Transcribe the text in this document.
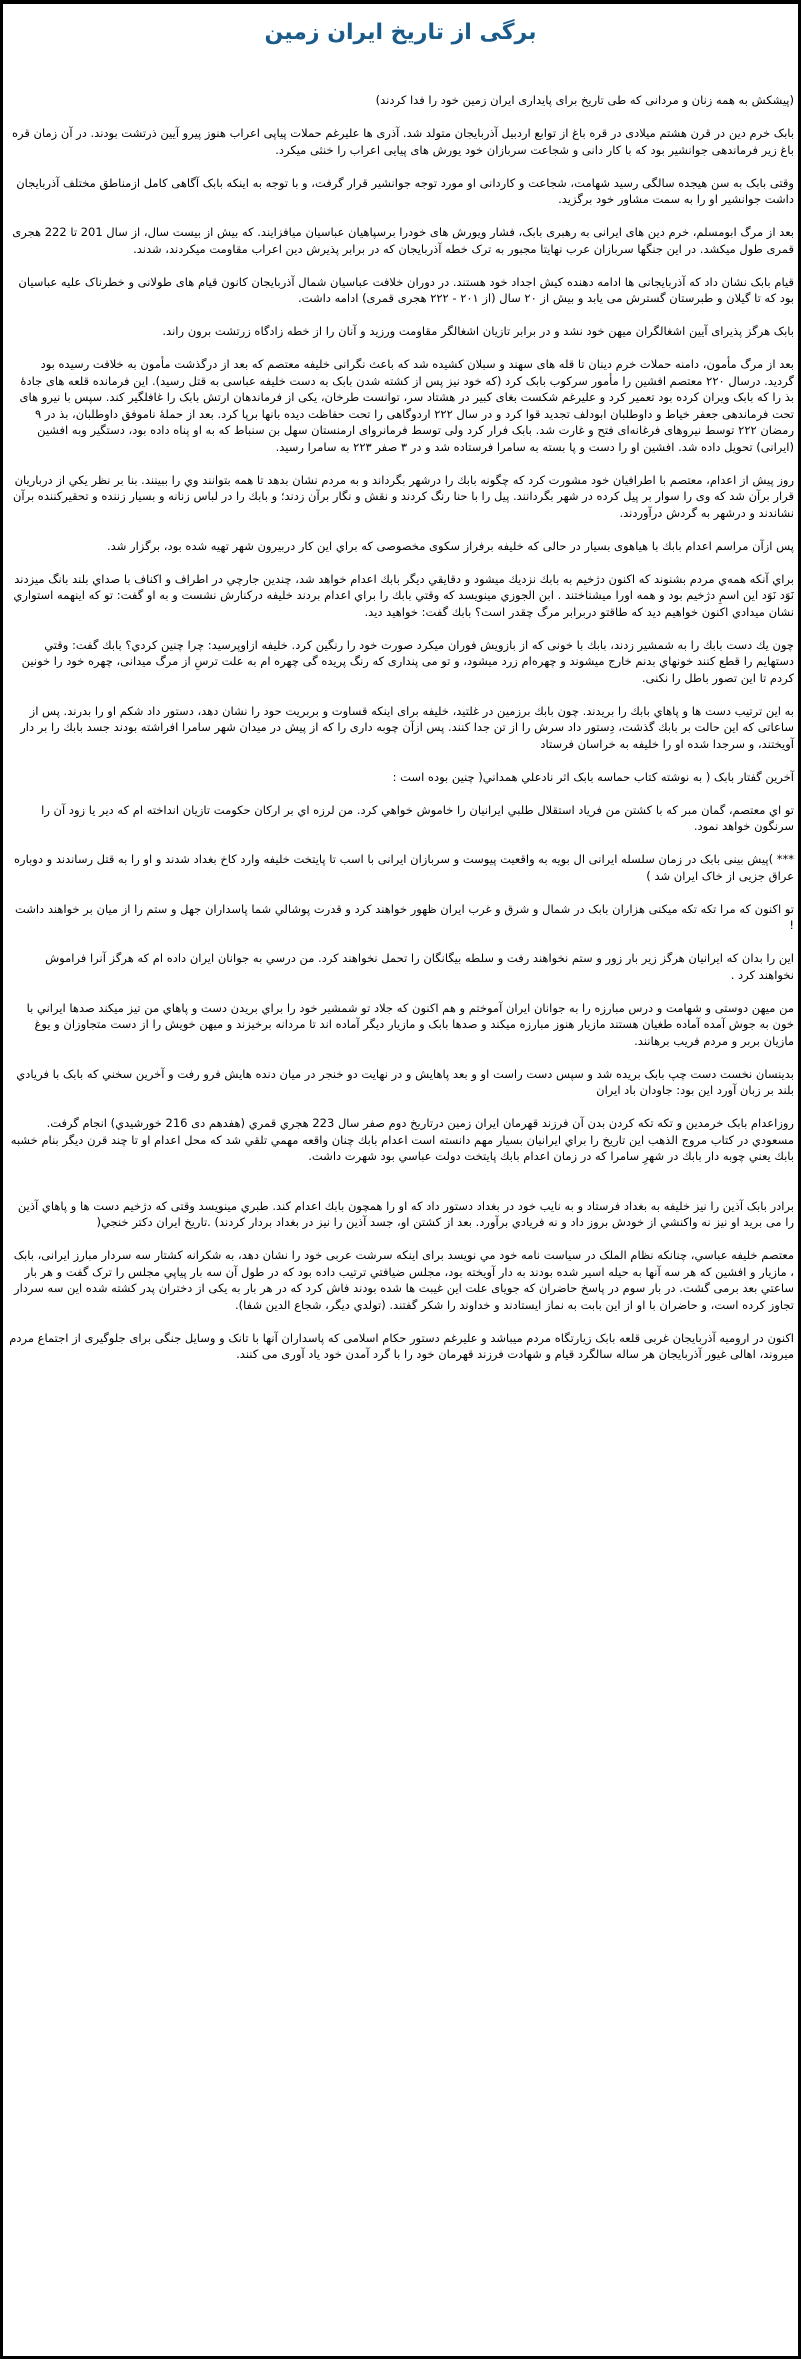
برگی از تاریخ ایران زمین

(پیشکش به همه زنان و مردانی که طی تاریخ برای پایداری ایران زمین خود را فدا کردند)

بابک خرم دین در قرن هشتم میلادی در قره باغ از توابع اردبیل آذربایجان متولد شد. آذری ها علیرغم حملات پیاپی اعراب هنوز پیرو آیین ذرتشت بودند. در آن زمان قره باغ زیر فرماندهی جوانشیر بود که با کار دانی و شجاعت سربازان خود یورش های پیایی اعراب را خنثی میکرد.

وقتی بابک به سن هیجده سالگی رسید شهامت، شجاعت و کاردانی او مورد توجه جوانشیر قرار گرفت، و با توجه به اینکه بابک آگاهی کامل ازمناطق مختلف آذربایجان داشت جوانشیر او را به سمت مشاور خود برگزید.

بعد از مرگ ابومسلم، خرم دین های ایرانی به رهبری بابک، فشار ویورش های خودرا برسپاهیان عباسیان میافزایند. که بیش از بیست سال، از سال 201 تا 222 هجری قمری طول میکشد. در این جنگها سربازان عرب نهایتا مجبور به ترک خطه آذربایجان که در برابر پذیرش دین اعراب مقاومت میکردند، شدند.

قیام بابک نشان داد که آذربایجانی ها ادامه دهنده کیش اجداد خود هستند. در دوران خلافت عباسیان شمال آذربایجان کانون قیام های طولانی و خطرناک علیه عباسیان بود که تا گیلان و طبرستان گسترش می یابد و بیش از ۲۰ سال (از ۲۰۱ - ۲۲۲ هجری قمری) ادامه داشت.

بابک هرگز پذیرای آیین اشغالگران میهن خود نشد و در برابر تازیان اشغالگر مقاومت ورزید و آنان را از خطه زادگاه زرتشت برون راند.

بعد از مرگ مأمون، دامنه حملات خرم دینان تا قله های سهند و سبلان کشیده شد که باعث نگرانی خلیفه معتصم که بعد از درگذشت مأمون به خلافت رسیده بود گردید. درسال ۲۲۰ معتصم افشین را مأمور سرکوب بابک کرد (که خود نیز پس از کشته شدن بابک به دست خلیفه عباسی به قتل رسید). این فرمانده قلعه های جادهٔ بذ را که بابک ویران کرده بود تعمیر کرد و علیرغم شکست بغای کبیر در هشتاد سر، توانست طرخان، یکی از فرماندهان ارتش بابک را غافلگیر کند. سپس با نیرو های تحت فرماندهی جعفر خیاط و داوطلبان ابودلف تجدید قوا کرد و در سال ۲۲۲ اردوگاهی را تحت حفاظت دیده بانها برپا کرد. بعد از حملهٔ ناموفق داوطلبان، بذ در ۹ رمضان ۲۲۲ توسط نیروهای فرغانه‌ای فتح و غارت شد. بابک فرار کرد ولی توسط فرمانروای ارمنستان سهل بن سنباط که به او پناه داده بود، دستگیر وبه افشین (ایرانی) تحویل داده شد. افشین او را دست و پا بسته به سامرا فرستاده شد و در ۳ صفر ۲۲۳ به سامرا رسید.

روز پیش از اعدام، معتصم با اطرافیان خود مشورت کرد که چگونه بابك را درشهر بگرداند و به مردم نشان بدهد تا همه بتوانند وي را ببينند. بنا بر نظر يكي از درباریان قرار برآن شد که وی را سوار بر پیل کرده در شهر بگردانند. پیل را با حنا رنگ کردند و نقش و نگار برآن زدند؛ و بابك را در لباس زنانه و بسيار زننده و تحقیرکننده برآن نشاندند و درشهر به گردش درآوردند.

پس ازآن مراسم اعدام بابك با هياهوی بسيار در حالی که خليفه برفراز سکوی مخصوصی که براي اين کار دربيرون شهر تهيه شده بود، برگزار شد.

براي آنكه همه‌ي مردم بشنوند كه اكنون دژخيم به بابك نزديك ميشود و دقايقي ديگر بابك اعدام خواهد شد، چندين جارچي در اطراف و اكناف با صداي بلند بانگ ميزدند نَوَد نَوَد اين اسمِ دژخيم بود و همه اورا ميشناختند . ابن الجوزي مينويسد كه وقتي بابك را براي اعدام بردند خليفه دركنارش نشست و به او گفت: تو كه اينهمه استواري نشان ميدادي اكنون خواهيم ديد كه طاقتو دربرابر مرگ چقدر است؟ بابك گفت: خواهيد ديد.

چون يك دست بابك را به شمشير زدند، بابك با خونی که از بازويش فوران ميکرد صورت خود را رنگين کرد. خليفه ازاوپرسيد: چرا چنين كردي؟ بابك گفت: وقتي دستهايم را قطع كنند خونهاي بدنم خارج ميشوند و چهره‌ام زرد ميشود، و تو می پنداری که رنگ پريده گی چهره ام به علت ترسِ از مرگ ميدانی، چهره خود را خونين کردم تا اين تصور باطل را نکنی.

به اين ترتيب دست ها و پاهاي بابك را بريدند. چون بابك برزمين در غلتيد، خليفه برای اينکه قساوت و بربريت حود را نشان دهد، دستور داد شکم او را بدرند. پس از ساعاتی که اين حالت بر بابك گذشت، دِستور داد سرش را از تن جدا کنند. پس ازآن چوبه داری را که از پيش در ميدان شهر سامرا افراشته بودند جسد بابك را بر دار آويختند، و سرجدا شده او را خليفه به خراسان فرستاد

آخرين گفتار بابک ( به نوشته کتاب حماسه بابک اثر نادعلي همداني( چنين بوده است :

تو اي معتصم، گمان مبر که با کشتن من فرياد استقلال طلبي ايرانيان را خاموش خواهي کرد. من لرزه اي بر ارکان حکومت تازيان انداخته ام که دير يا زود آن را سرنگون خواهد نمود.

*** )پيش بينی بابک در زمان سلسله ايرانی ال بويه به واقعيت پيوست و سربازان ايرانی با اسب تا پايتخت خليفه وارد کاخ بغداد شدند و او را به قتل رساندند و دوباره عراق جزيی از خاک ايران شد )

تو اکنون که مرا تکه تکه ميکنی هزاران بابک در شمال و شرق و غرب ايران ظهور خواهند کرد و قدرت پوشالي شما پاسداران جهل و ستم را از ميان بر خواهند داشت !

اين را بدان که ايرانيان هرگز زير بار زور و ستم نخواهند رفت و سلطه بيگانگان را تحمل نخواهند کرد. من درسي به جوانان ايران داده ام که هرگز آنرا فراموش نخواهند کرد .

من ميهن دوستی و شهامت و درس مبارزه را به جوانان ايران آموختم و هم اکنون که جلاد تو شمشير خود را براي بريدن دست و پاهاي من تيز ميکند صدها ايراني با خون به جوش آمده آماده طغيان هستند مازيار هنوز مبارزه ميکند و صدها بابک و مازيار ديگر آماده اند تا مردانه برخيزند و ميهن خويش را از دست متجاوزان و يوغ مازيان بربر و مردم فريب برهانند.

بدينسان نخست دست چپ بابک بريده شد و سپس دست راست او و بعد پاهايش و در نهايت دو خنجر در ميان دنده هايش فرو رفت و آخرين سخني که بابک با فريادي بلند بر زبان آورد اين بود: جاودان باد ايران

روزاعدام بابک خرمدين و تکه تکه کردن بدن آن فرزند قهرمان ايران زمين درتاريخ دوم صفر سال 223 هجري قمري (هفدهم دی 216 خورشيدي) انجام گرفت. مسعودي در کتاب مروج الذهب اين تاريخ را براي ايرانيان بسيار مهم دانسته است اعدام بابك چنان واقعه مهمي تلقي شد كه محل اعدام او تا چند قرن ديگر بنام خشبه بابك يعني چوبه دار بابك در شهرِ سامرا كه در زمان اعدام بابك پايتخت دولت عباسي بود شهرت داشت.

برادر بابک آذين را نيز خليفه به بغداد فرستاد و به نايب خود در بغداد دستور داد که او را همچون بابك اعدام کند. طبري مينويسد وقتی که دژخيم دست ها و پاهاي آذين را می بريد او نيز نه واکنشي از خودش بروز داد و نه فريادي برآورد. بعد از کشتن او، جسد آذين را نيز در بغداد بردار کردند) .تاريخ ايران دکتر خنجي(

معتصم خليفه عباسي، چنانکه نظام الملک در سياست نامه خود مي نويسد براى اينکه سرشت عربی خود را نشان دهد، به شکرانه کشتار سه سردار مبارز ايرانی، بابک ، مازيار و افشين که هر سه آنها به حيله اسير شده بودند به دار آويخته بود، مجلس ضيافتي ترتيب داده بود که در طول آن سه بار پياپي مجلس را ترک گفت و هر بار ساعتي بعد برمی گشت. در بار سوم در پاسخ حاضران که جويای علت اين غيبت ها شده بودند فاش کرد که در هر بار به يکی از دختران پدر کشته شده اين سه سردار تجاوز کرده است، و حاضران با او از اين بابت به نماز ايستادند و خداوند را شکر گفتند. (تولدي ديگر، شجاع الدين شفا).

اکنون در اروميه آذربايجان غربی قلعه بابک زيارتگاه مردم ميباشد و عليرغم دستور حکام اسلامی که پاسداران آنها با تانک و وسايل جنگی برای جلوگيری از اجتماع مردم ميروند، اهالی غيور آذربايجان هر ساله سالگرد قيام و شهادت فرزند قهرمان خود را با گرد آمدن خود ياد آوری می کنند.
